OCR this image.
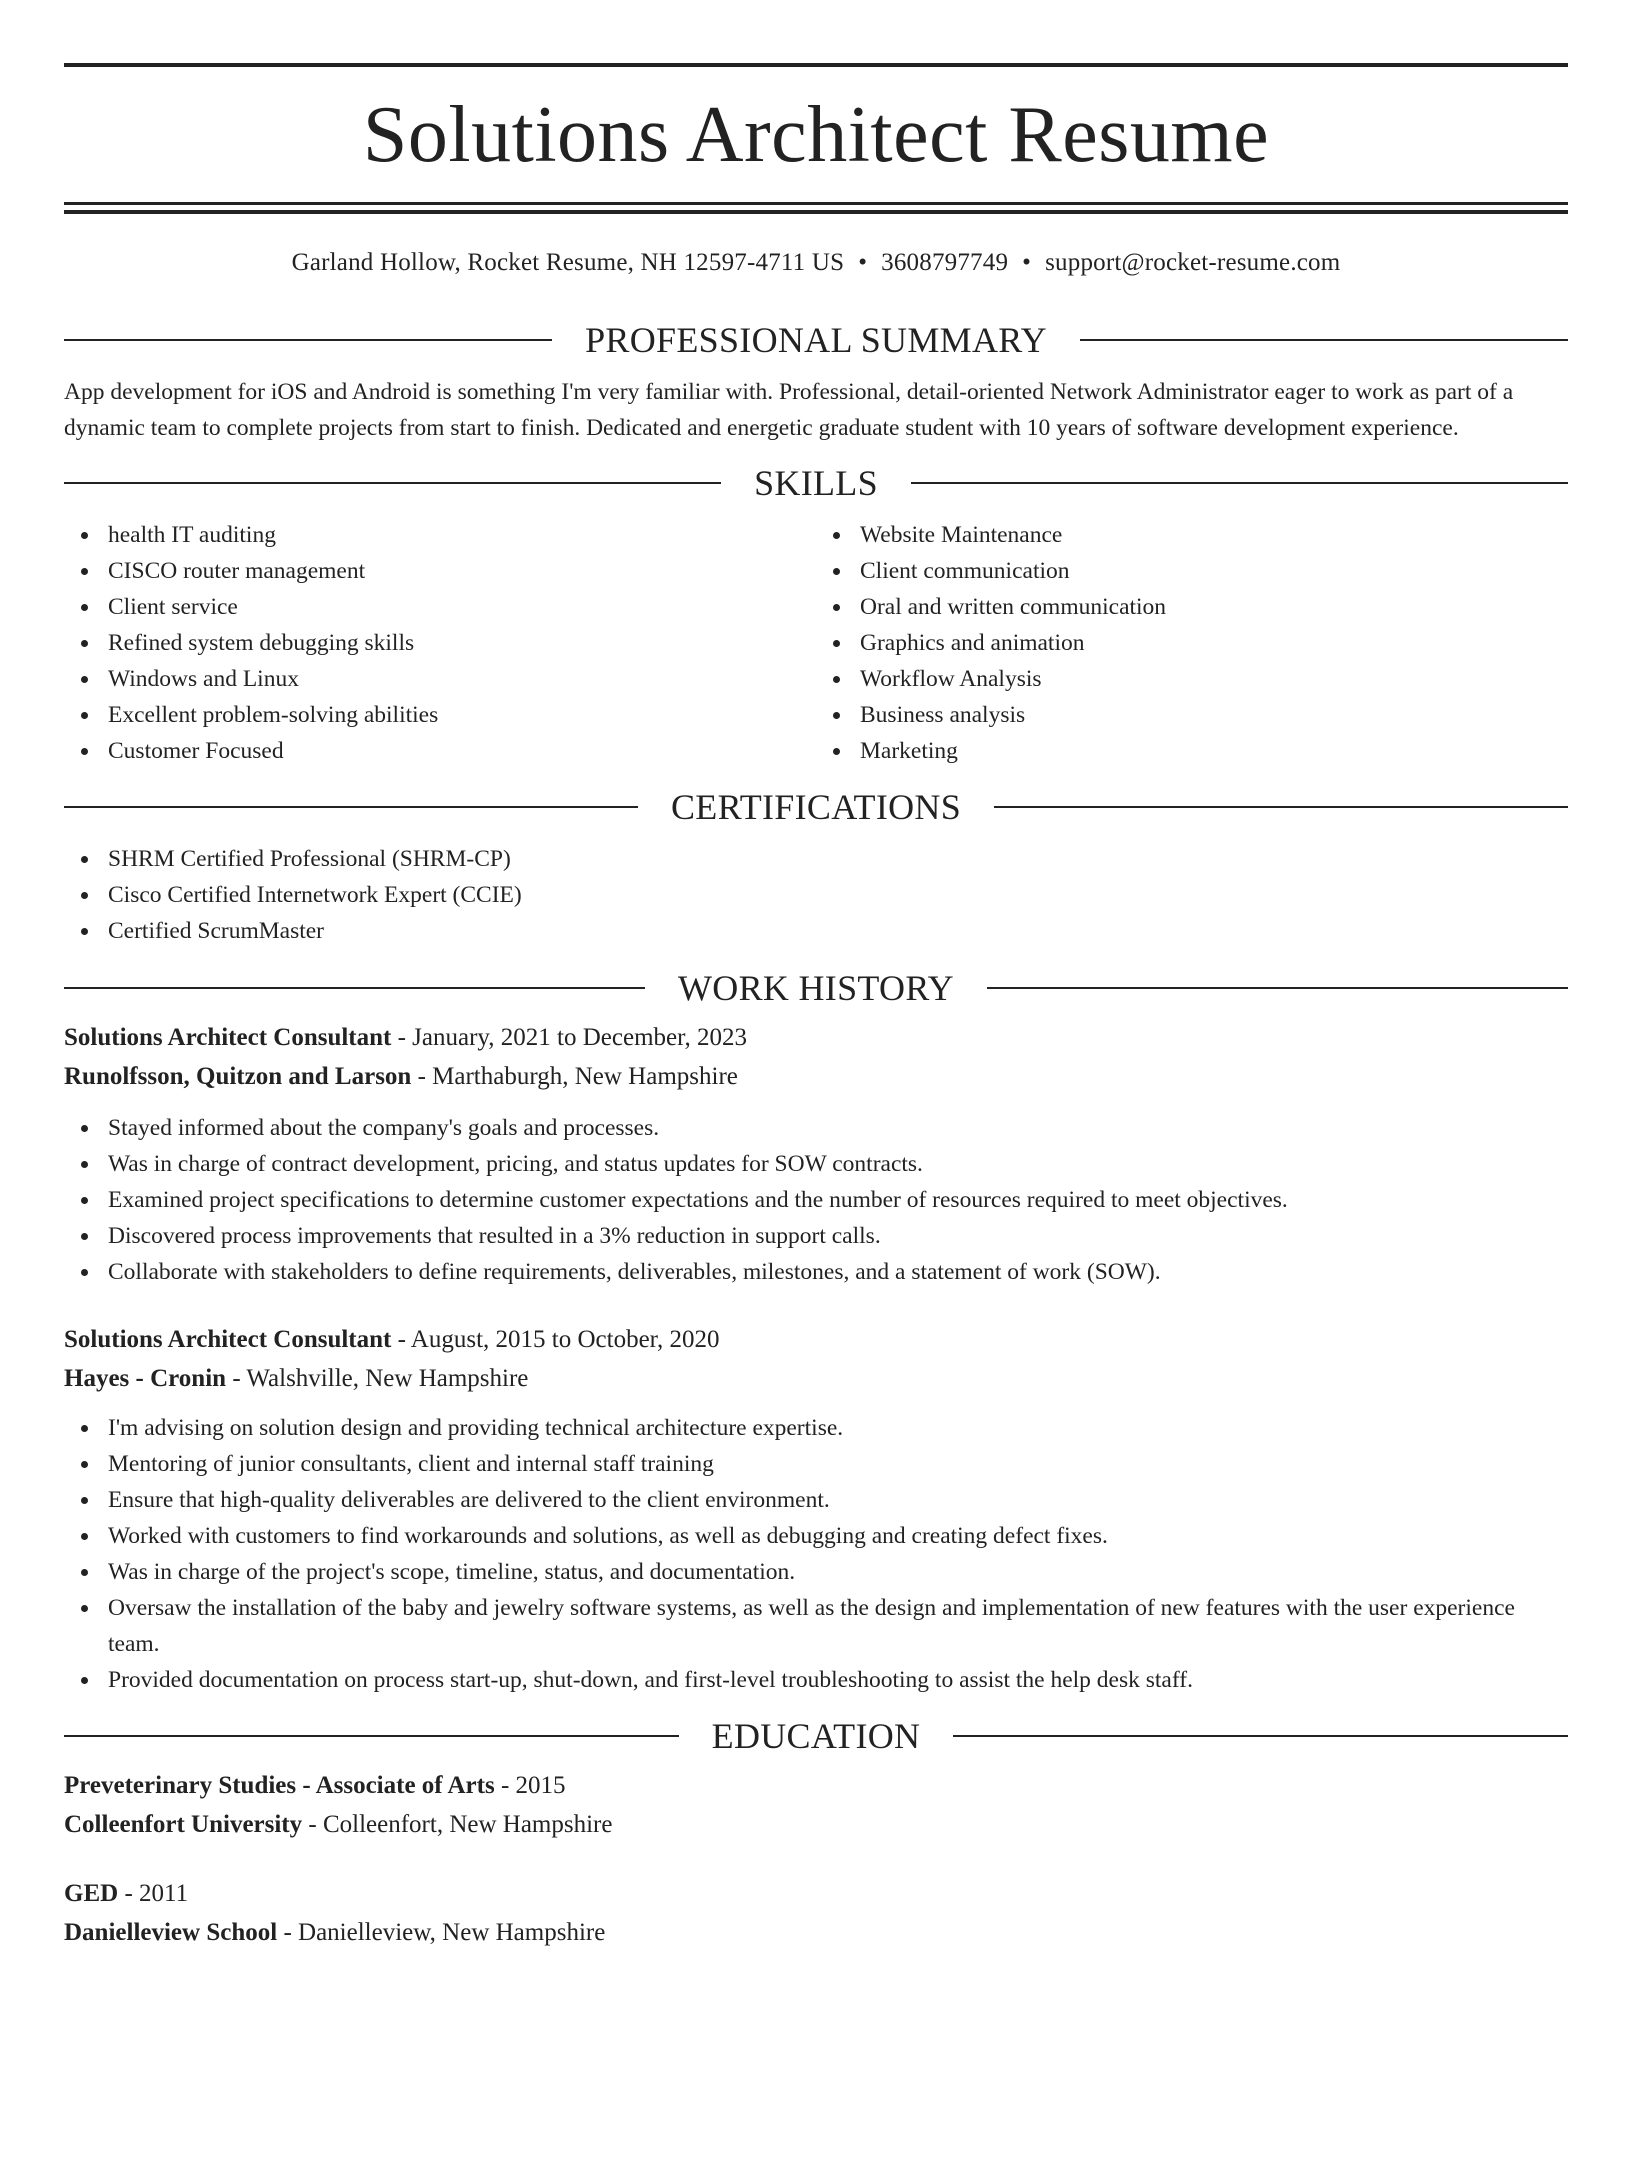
Solutions Architect Resume
Garland Hollow, Rocket Resume, NH 12597-4711 US • 3608797749 • support@rocket-resume.com
PROFESSIONAL SUMMARY

App development for iOS and Android is something I'm very familiar with. Professional, detail-oriented Network Administrator eager to work as part of a dynamic team to complete projects from start to finish. Dedicated and energetic graduate student with 10 years of software development experience.

SKILLS
health IT auditing
CISCO router management
Client service
Refined system debugging skills
Windows and Linux
Excellent problem-solving abilities
Customer Focused
Website Maintenance
Client communication
Oral and written communication
Graphics and animation
Workflow Analysis
Business analysis
Marketing
CERTIFICATIONS
SHRM Certified Professional (SHRM-CP)
Cisco Certified Internetwork Expert (CCIE)
Certified ScrumMaster
WORK HISTORY

Solutions Architect Consultant - January, 2021 to December, 2023

Runolfsson, Quitzon and Larson - Marthaburgh, New Hampshire

Stayed informed about the company's goals and processes.
Was in charge of contract development, pricing, and status updates for SOW contracts.
Examined project specifications to determine customer expectations and the number of resources required to meet objectives.
Discovered process improvements that resulted in a 3% reduction in support calls.
Collaborate with stakeholders to define requirements, deliverables, milestones, and a statement of work (SOW).

Solutions Architect Consultant - August, 2015 to October, 2020

Hayes - Cronin - Walshville, New Hampshire

I'm advising on solution design and providing technical architecture expertise.
Mentoring of junior consultants, client and internal staff training
Ensure that high-quality deliverables are delivered to the client environment.
Worked with customers to find workarounds and solutions, as well as debugging and creating defect fixes.
Was in charge of the project's scope, timeline, status, and documentation.
Oversaw the installation of the baby and jewelry software systems, as well as the design and implementation of new features with the user experience team.
Provided documentation on process start-up, shut-down, and first-level troubleshooting to assist the help desk staff.
EDUCATION

Preveterinary Studies - Associate of Arts - 2015

Colleenfort University - Colleenfort, New Hampshire

GED - 2011

Danielleview School - Danielleview, New Hampshire
